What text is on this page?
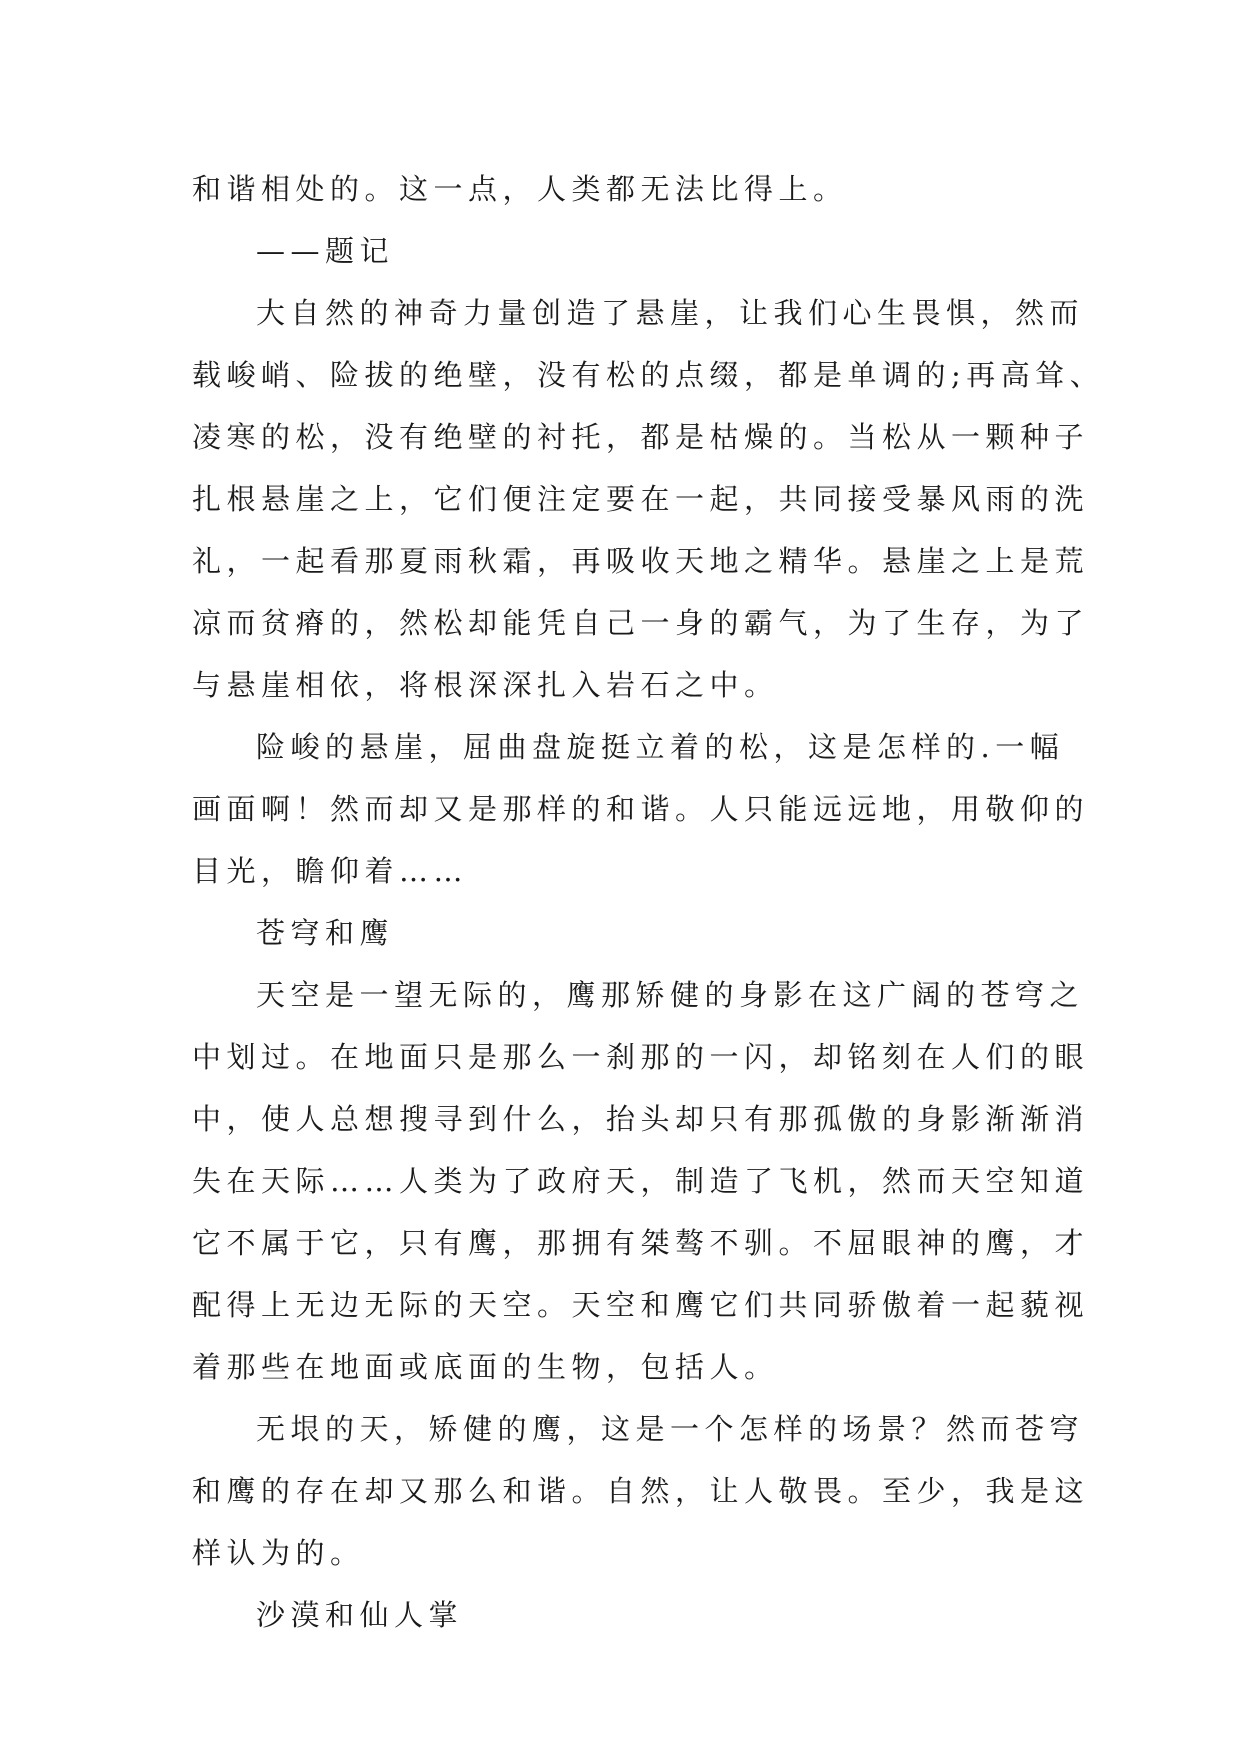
和谐相处的。这一点，人类都无法比得上。
——题记
大自然的神奇力量创造了悬崖，让我们心生畏惧，然而
载峻峭、险拔的绝壁，没有松的点缀，都是单调的;再高耸、
凌寒的松，没有绝壁的衬托，都是枯燥的。当松从一颗种子
扎根悬崖之上，它们便注定要在一起，共同接受暴风雨的洗
礼，一起看那夏雨秋霜，再吸收天地之精华。悬崖之上是荒
凉而贫瘠的，然松却能凭自己一身的霸气，为了生存，为了
与悬崖相依，将根深深扎入岩石之中。
险峻的悬崖，屈曲盘旋挺立着的松，这是怎样的.一幅
画面啊！然而却又是那样的和谐。人只能远远地，用敬仰的
目光，瞻仰着……
苍穹和鹰
天空是一望无际的，鹰那矫健的身影在这广阔的苍穹之
中划过。在地面只是那么一刹那的一闪，却铭刻在人们的眼
中，使人总想搜寻到什么，抬头却只有那孤傲的身影渐渐消
失在天际……人类为了政府天，制造了飞机，然而天空知道
它不属于它，只有鹰，那拥有桀骜不驯。不屈眼神的鹰，才
配得上无边无际的天空。天空和鹰它们共同骄傲着一起藐视
着那些在地面或底面的生物，包括人。
无垠的天，矫健的鹰，这是一个怎样的场景？然而苍穹
和鹰的存在却又那么和谐。自然，让人敬畏。至少，我是这
样认为的。
沙漠和仙人掌
